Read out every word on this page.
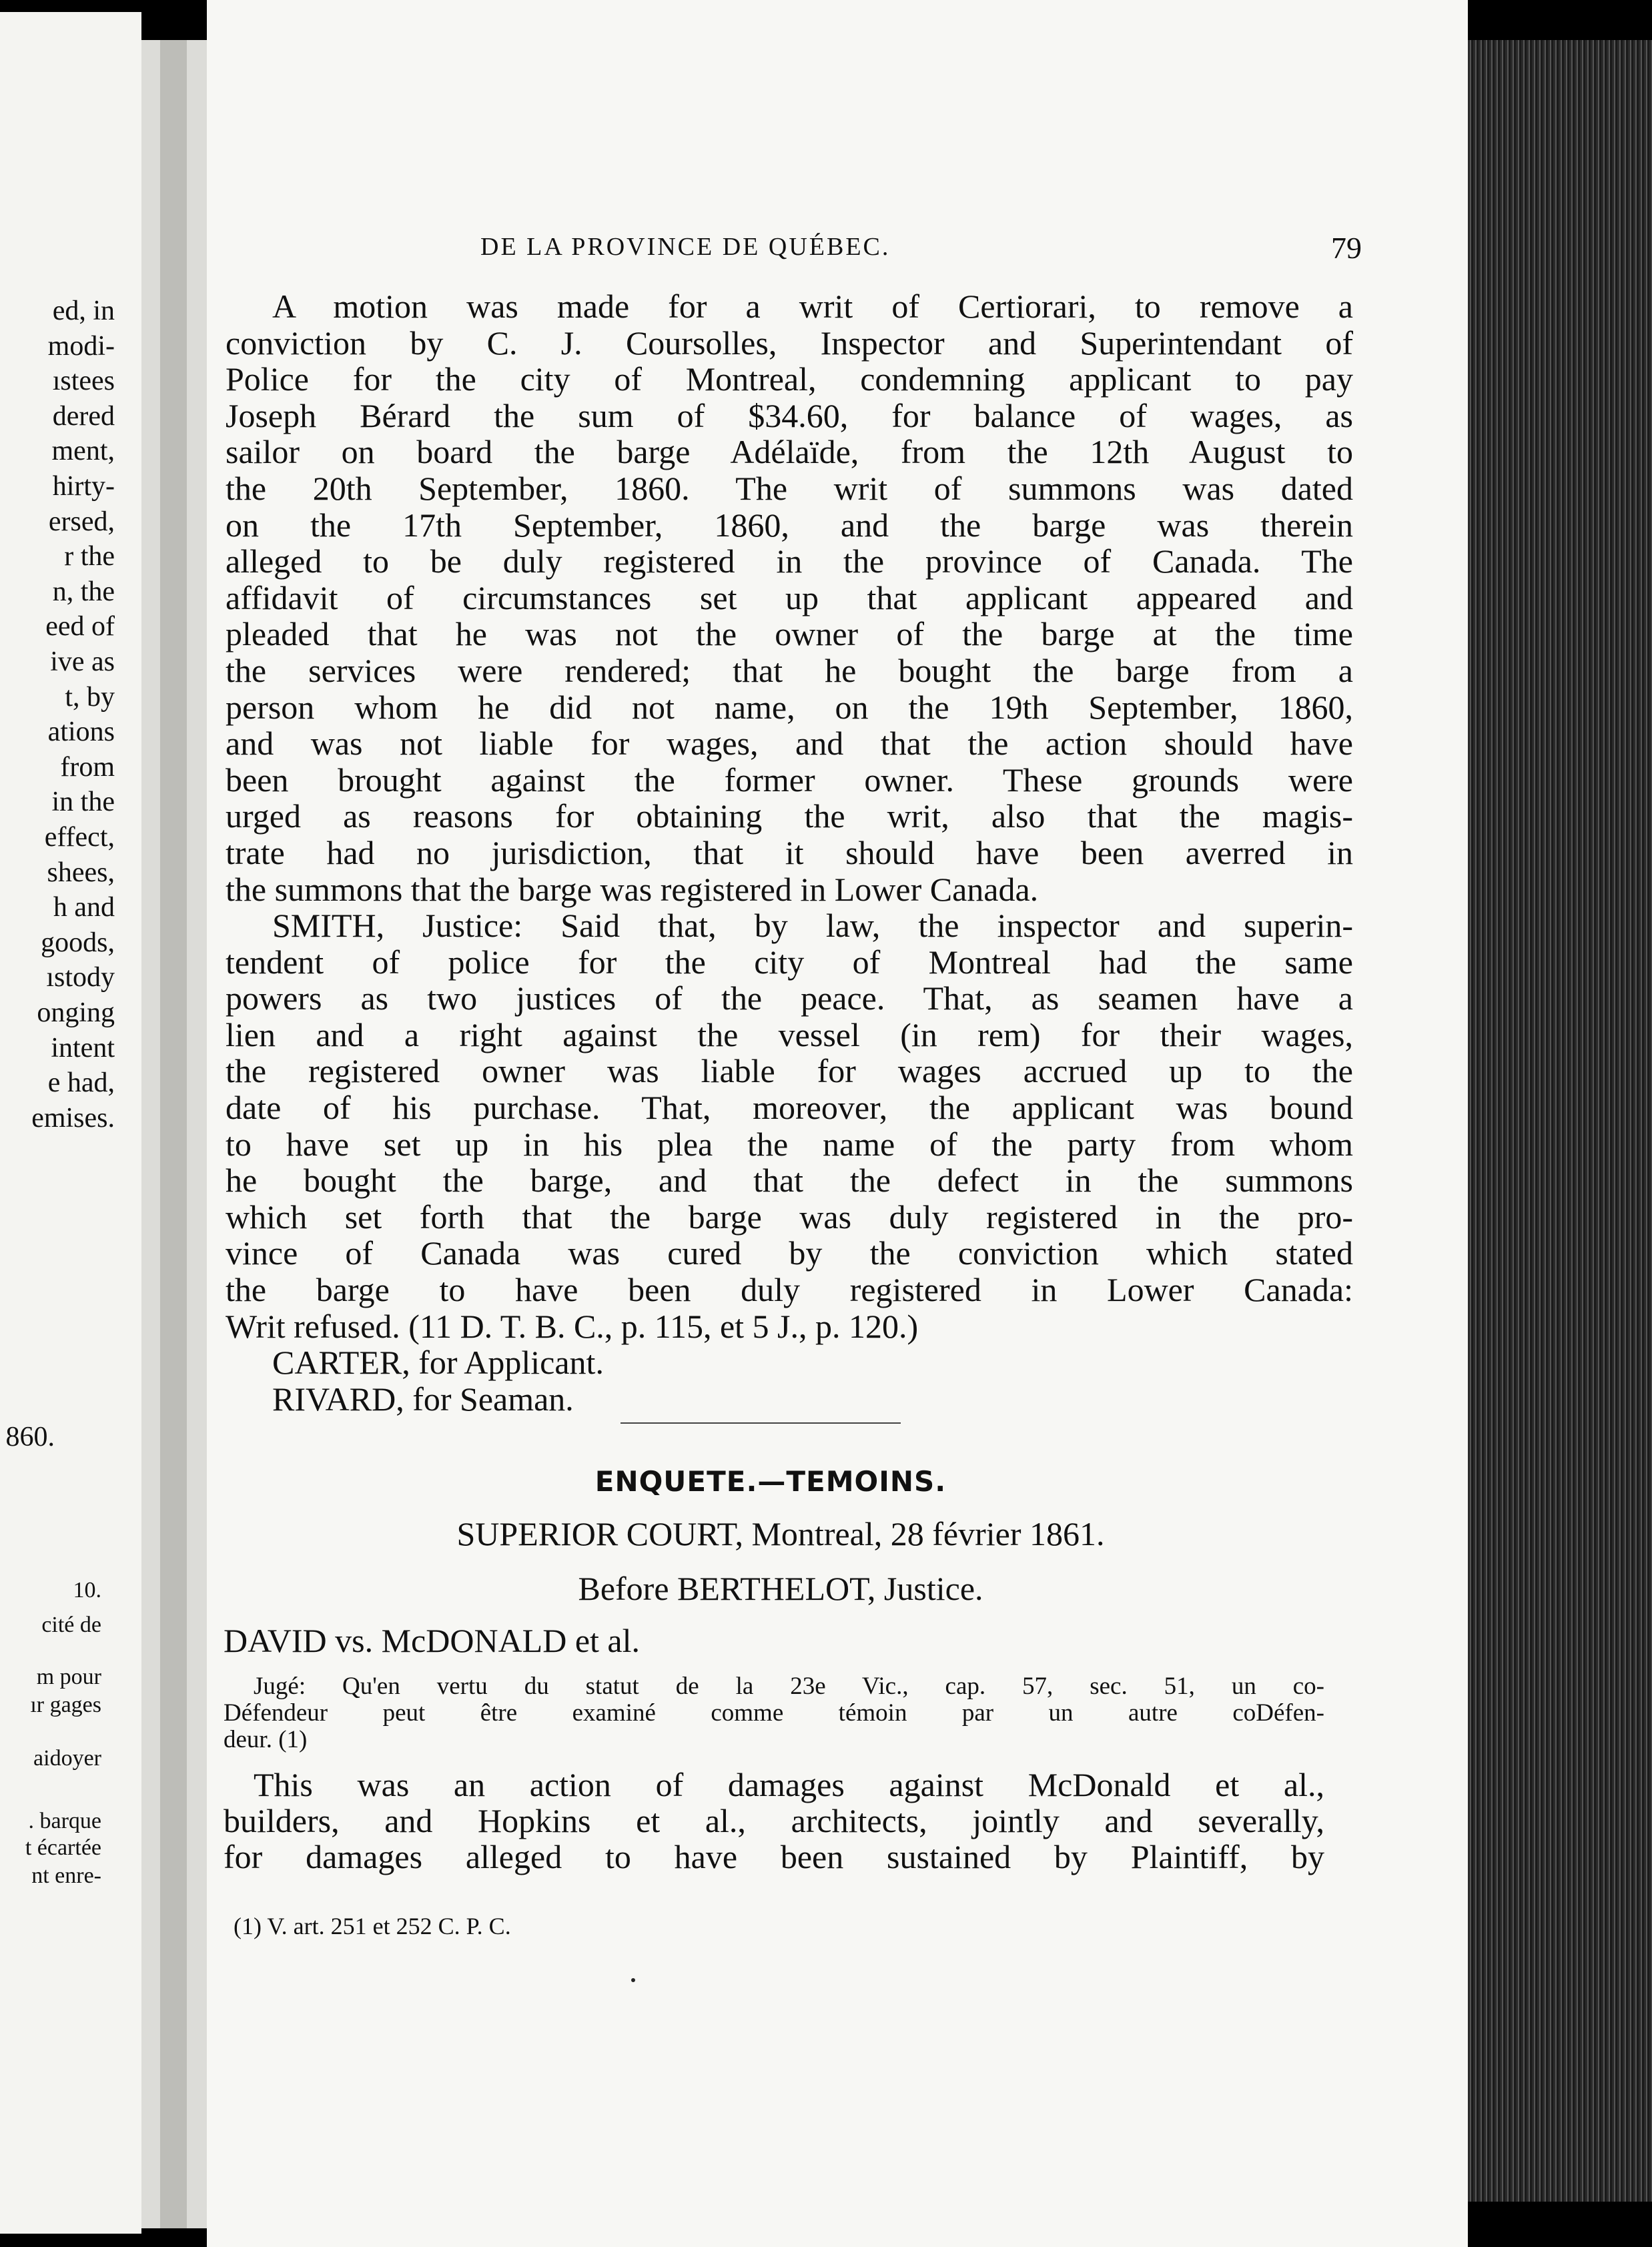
ed, in
modi-
ıstees
dered
ment,
hirty-
ersed,
r the
n, the
eed of
ive as
t, by
ations
from
in the
effect,
shees,
h and
goods,
ıstody
onging
intent
e had,
emises.
860.
10.
cité de
m pour
ır gages
aidoyer
. barque
t écartée
nt enre-
DE LA PROVINCE DE QUÉBEC.	79

A motion was made for a writ of Certiorari, to remove a
conviction by C. J. Coursolles, Inspector and Superintendant of
Police for the city of Montreal, condemning applicant to pay
Joseph Bérard the sum of $34.60, for balance of wages, as
sailor on board the barge Adélaïde, from the 12th August to
the 20th September, 1860. The writ of summons was dated
on the 17th September, 1860, and the barge was therein
alleged to be duly registered in the province of Canada. The
affidavit of circumstances set up that applicant appeared and
pleaded that he was not the owner of the barge at the time
the services were rendered; that he bought the barge from a
person whom he did not name, on the 19th September, 1860,
and was not liable for wages, and that the action should have
been brought against the former owner. These grounds were
urged as reasons for obtaining the writ, also that the magis-
trate had no jurisdiction, that it should have been averred in
the summons that the barge was registered in Lower Canada.

SMITH, Justice: Said that, by law, the inspector and superin-
tendent of police for the city of Montreal had the same
powers as two justices of the peace. That, as seamen have a
lien and a right against the vessel (in rem) for their wages,
the registered owner was liable for wages accrued up to the
date of his purchase. That, moreover, the applicant was bound
to have set up in his plea the name of the party from whom
he bought the barge, and that the defect in the summons
which set forth that the barge was duly registered in the pro-
vince of Canada was cured by the conviction which stated
the barge to have been duly registered in Lower Canada:
Writ refused. (11 D. T. B. C., p. 115, et 5 J., p. 120.)

CARTER, for Applicant.

RIVARD, for Seaman.

ENQUETE.—TEMOINS.
SUPERIOR COURT, Montreal, 28 février 1861.
Before BERTHELOT, Justice.
DAVID vs. McDONALD et al.
Jugé: Qu'en vertu du statut de la 23e Vic., cap. 57, sec. 51, un co-
Défendeur peut être examiné comme témoin par un autre coDéfen-
deur. (1)
This was an action of damages against McDonald et al.,
builders, and Hopkins et al., architects, jointly and severally,
for damages alleged to have been sustained by Plaintiff, by
(1) V. art. 251 et 252 C. P. C.
